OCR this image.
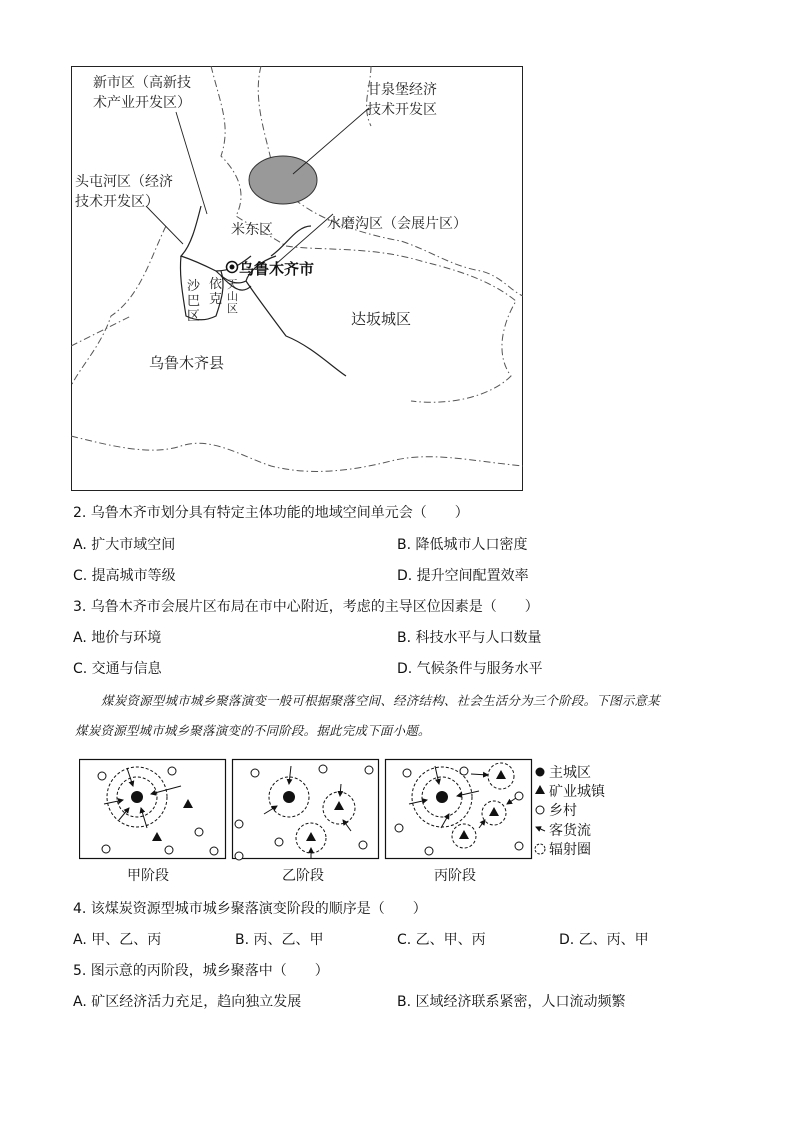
新市区（高新技
术产业开发区）
甘泉堡经济
技术开发区
头屯河区（经济
技术开发区）
米东区	水磨沟区（会展片区）
乌鲁木齐市
沙
巴
区
依
克
天
山
区
达坂城区
乌鲁木齐县
2. 乌鲁木齐市划分具有特定主体功能的地域空间单元会（　　）
A. 扩大市域空间	B. 降低城市人口密度
C. 提高城市等级	D. 提升空间配置效率
3. 乌鲁木齐市会展片区布局在市中心附近，考虑的主导区位因素是（　　）
A. 地价与环境	B. 科技水平与人口数量
C. 交通与信息	D. 气候条件与服务水平
煤炭资源型城市城乡聚落演变一般可根据聚落空间、经济结构、社会生活分为三个阶段。下图示意某
煤炭资源型城市城乡聚落演变的不同阶段。据此完成下面小题。
甲阶段	乙阶段	丙阶段
主城区
矿业城镇
乡村
客货流
辐射圈
4. 该煤炭资源型城市城乡聚落演变阶段的顺序是（　　）
A. 甲、乙、丙	B. 丙、乙、甲	C. 乙、甲、丙	D. 乙、丙、甲
5. 图示意的丙阶段，城乡聚落中（　　）
A. 矿区经济活力充足，趋向独立发展	B. 区域经济联系紧密，人口流动频繁
